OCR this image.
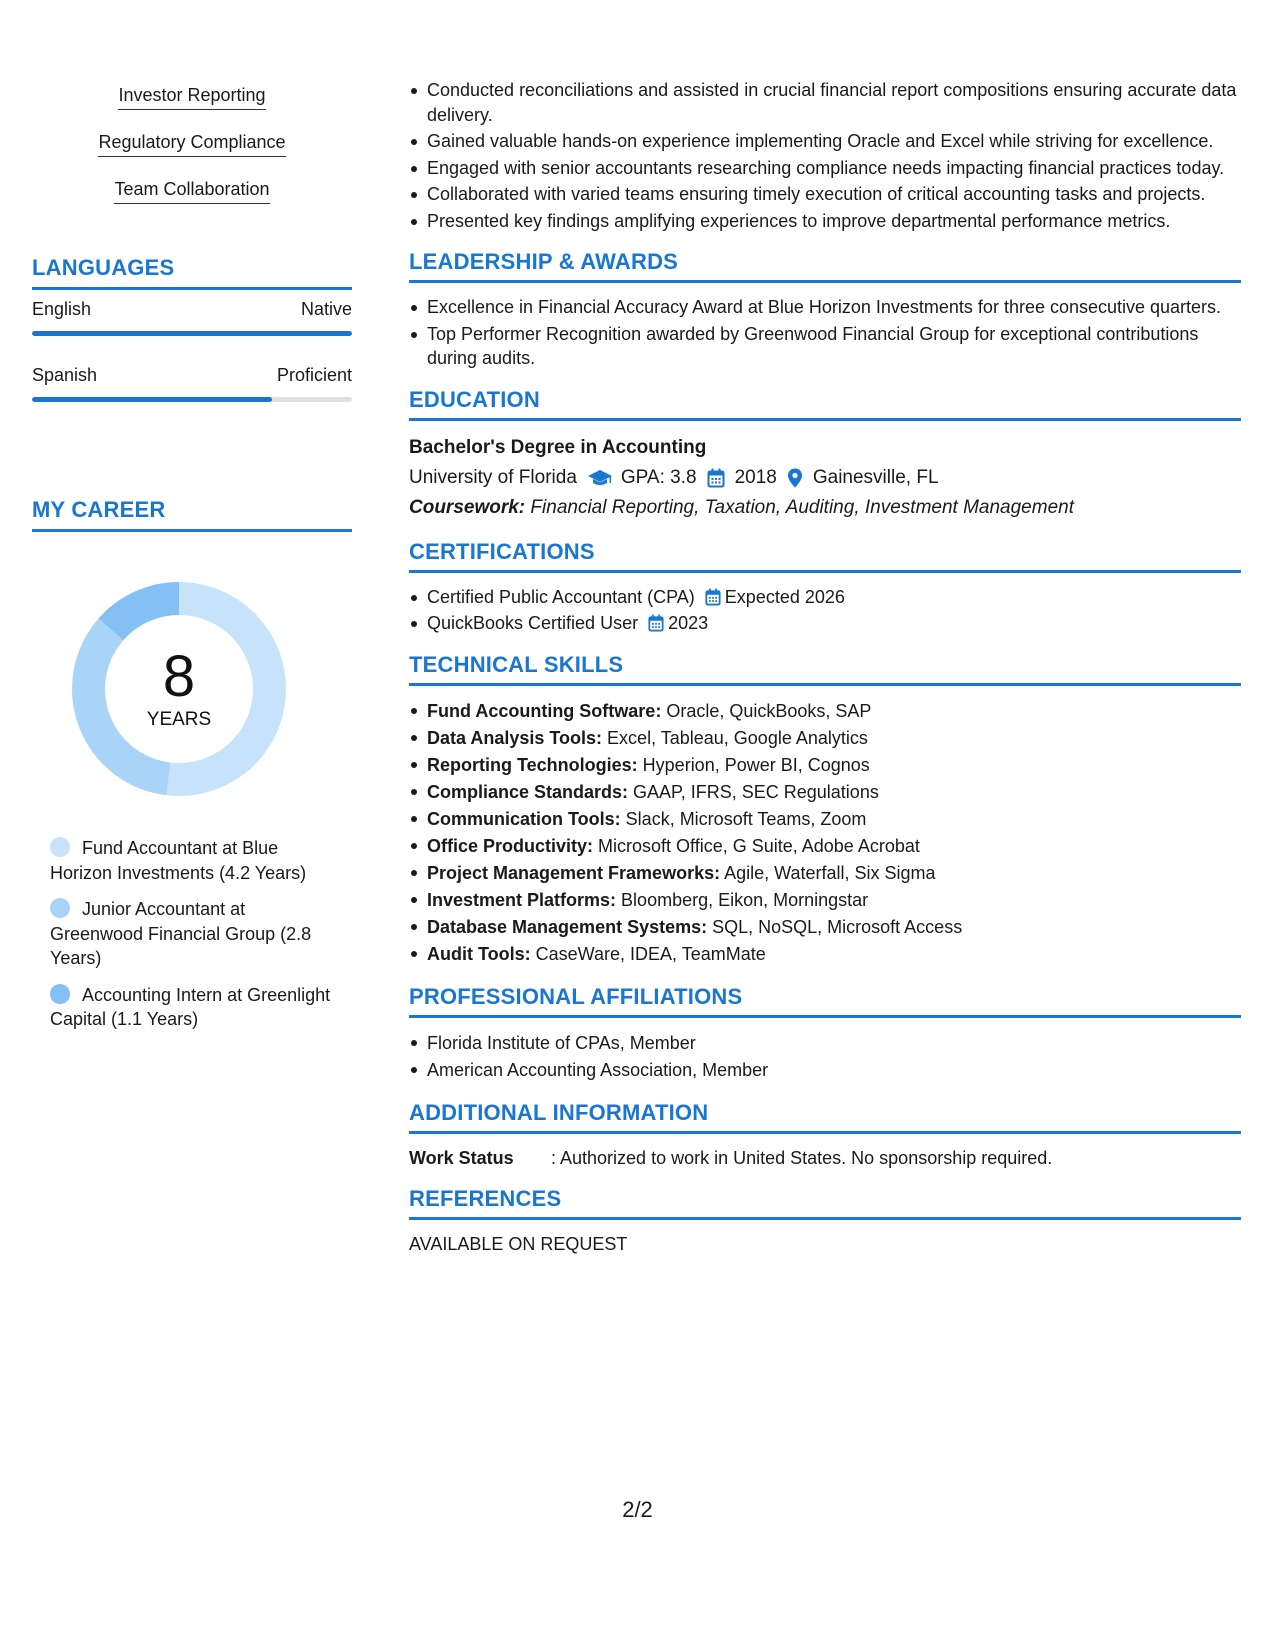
Investor Reporting
Regulatory Compliance
Team Collaboration
LANGUAGES
English	Native
Spanish	Proficient
MY CAREER
8
YEARS
Fund Accountant at Blue Horizon Investments (4.2 Years)
Junior Accountant at Greenwood Financial Group (2.8 Years)
Accounting Intern at Greenlight Capital (1.1 Years)
Conducted reconciliations and assisted in crucial financial report compositions ensuring accurate data delivery.
Gained valuable hands-on experience implementing Oracle and Excel while striving for excellence.
Engaged with senior accountants researching compliance needs impacting financial practices today.
Collaborated with varied teams ensuring timely execution of critical accounting tasks and projects.
Presented key findings amplifying experiences to improve departmental performance metrics.
LEADERSHIP & AWARDS
Excellence in Financial Accuracy Award at Blue Horizon Investments for three consecutive quarters.
Top Performer Recognition awarded by Greenwood Financial Group for exceptional contributions during audits.
EDUCATION
Bachelor's Degree in Accounting
University of Florida GPA: 3.8 2018 Gainesville, FL
Coursework: Financial Reporting, Taxation, Auditing, Investment Management
CERTIFICATIONS
Certified Public Accountant (CPA) Expected 2026
QuickBooks Certified User 2023
TECHNICAL SKILLS
Fund Accounting Software: Oracle, QuickBooks, SAP
Data Analysis Tools: Excel, Tableau, Google Analytics
Reporting Technologies: Hyperion, Power BI, Cognos
Compliance Standards: GAAP, IFRS, SEC Regulations
Communication Tools: Slack, Microsoft Teams, Zoom
Office Productivity: Microsoft Office, G Suite, Adobe Acrobat
Project Management Frameworks: Agile, Waterfall, Six Sigma
Investment Platforms: Bloomberg, Eikon, Morningstar
Database Management Systems: SQL, NoSQL, Microsoft Access
Audit Tools: CaseWare, IDEA, TeamMate
PROFESSIONAL AFFILIATIONS
Florida Institute of CPAs, Member
American Accounting Association, Member
ADDITIONAL INFORMATION
Work Status	: Authorized to work in United States. No sponsorship required.
REFERENCES
AVAILABLE ON REQUEST
2/2
